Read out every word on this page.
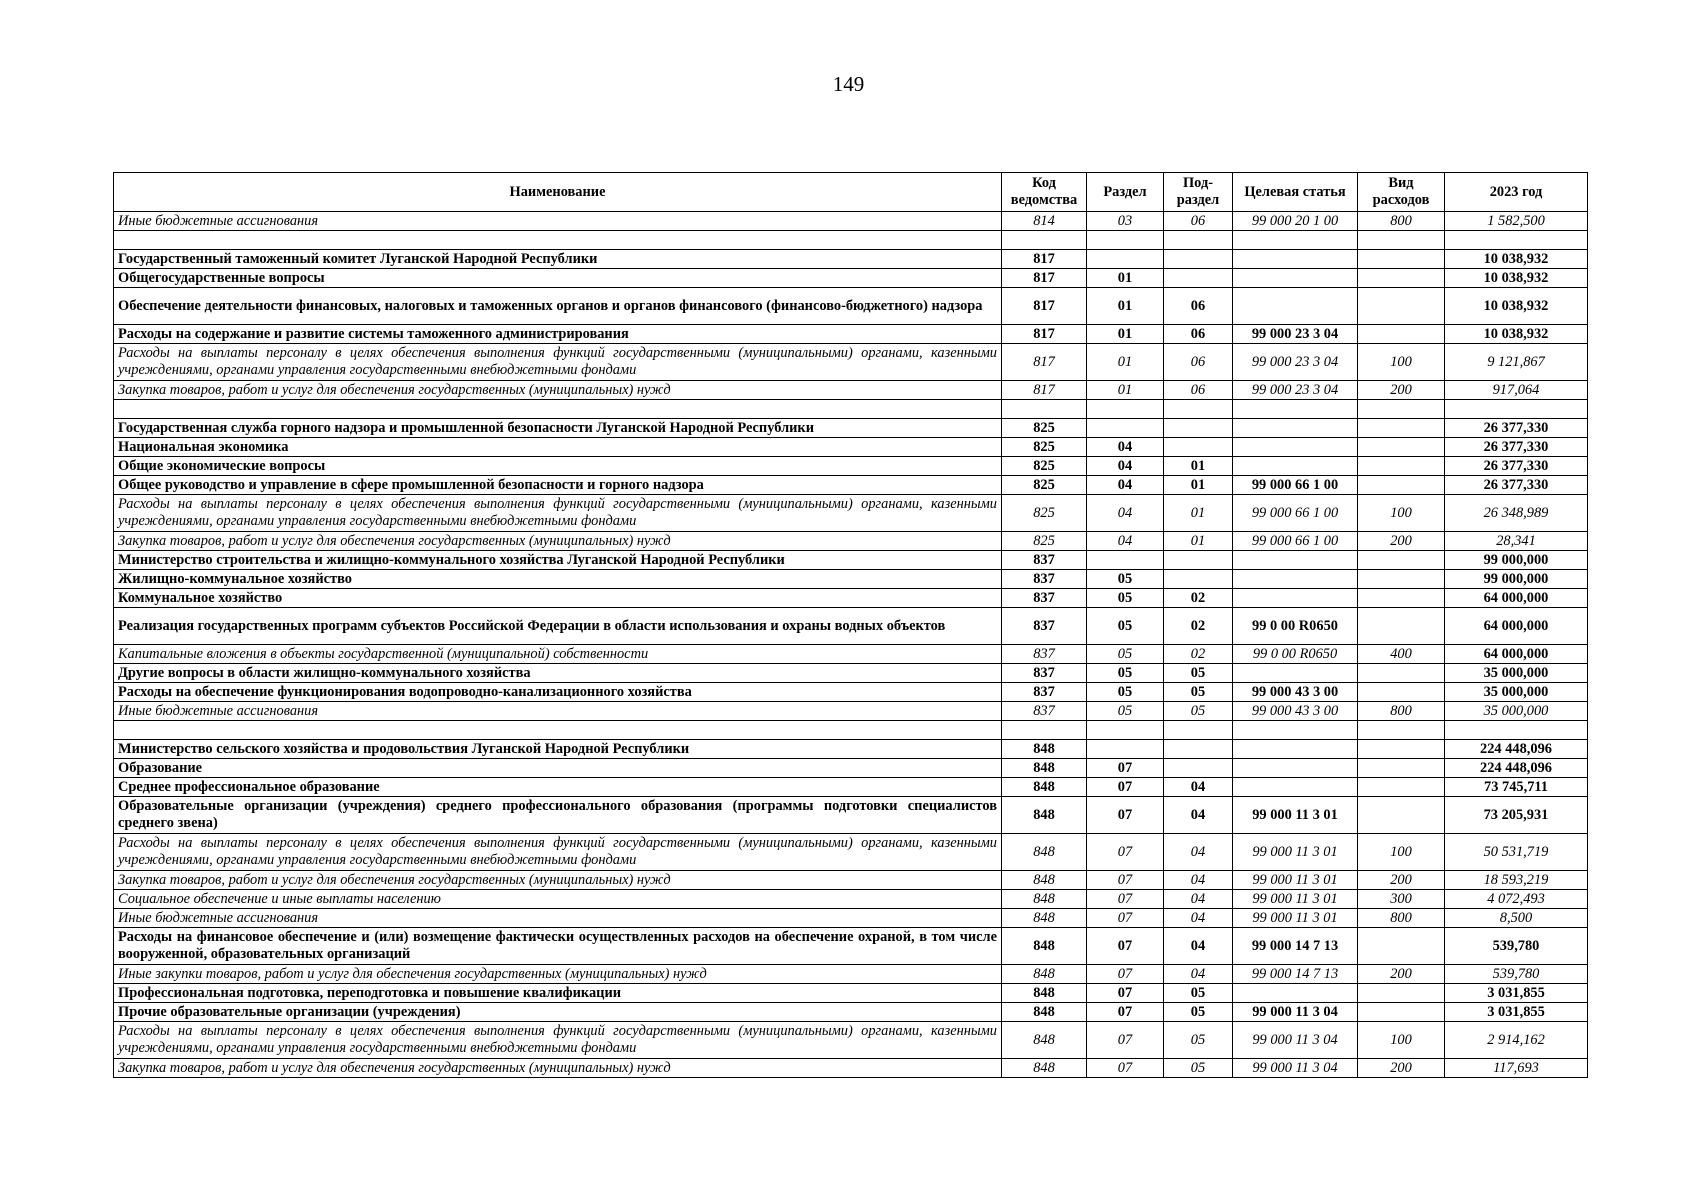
149
Наименование	Код ведомства	Раздел	Под- раздел	Целевая статья	Вид расходов	2023 год
Иные бюджетные ассигнования	814	03	06	99 000 20 1 00	800	1 582,500

Государственный таможенный комитет Луганской Народной Республики	817					10 038,932
Общегосударственные вопросы	817	01				10 038,932
Обеспечение деятельности финансовых, налоговых и таможенных органов и органов финансового (финансово-бюджетного) надзора	817	01	06			10 038,932
Расходы на содержание и развитие системы таможенного администрирования	817	01	06	99 000 23 3 04		10 038,932
Расходы на выплаты персоналу в целях обеспечения выполнения функций государственными (муниципальными) органами, казенными учреждениями, органами управления государственными внебюджетными фондами	817	01	06	99 000 23 3 04	100	9 121,867
Закупка товаров, работ и услуг для обеспечения государственных (муниципальных) нужд	817	01	06	99 000 23 3 04	200	917,064

Государственная служба горного надзора и промышленной безопасности Луганской Народной Республики	825					26 377,330
Национальная экономика	825	04				26 377,330
Общие экономические вопросы	825	04	01			26 377,330
Общее руководство и управление в сфере промышленной безопасности и горного надзора	825	04	01	99 000 66 1 00		26 377,330
Расходы на выплаты персоналу в целях обеспечения выполнения функций государственными (муниципальными) органами, казенными учреждениями, органами управления государственными внебюджетными фондами	825	04	01	99 000 66 1 00	100	26 348,989
Закупка товаров, работ и услуг для обеспечения государственных (муниципальных) нужд	825	04	01	99 000 66 1 00	200	28,341
Министерство строительства и жилищно-коммунального хозяйства Луганской Народной Республики	837					99 000,000
Жилищно-коммунальное хозяйство	837	05				99 000,000
Коммунальное хозяйство	837	05	02			64 000,000
Реализация государственных программ субъектов Российской Федерации в области использования и охраны водных объектов	837	05	02	99 0 00 R0650		64 000,000
Капитальные вложения в объекты государственной (муниципальной) собственности	837	05	02	99 0 00 R0650	400	64 000,000
Другие вопросы в области жилищно-коммунального хозяйства	837	05	05			35 000,000
Расходы на обеспечение функционирования водопроводно-канализационного хозяйства	837	05	05	99 000 43 3 00		35 000,000
Иные бюджетные ассигнования	837	05	05	99 000 43 3 00	800	35 000,000

Министерство сельского хозяйства и продовольствия Луганской Народной Республики	848					224 448,096
Образование	848	07				224 448,096
Среднее профессиональное образование	848	07	04			73 745,711
Образовательные организации (учреждения) среднего профессионального образования (программы подготовки специалистов среднего звена)	848	07	04	99 000 11 3 01		73 205,931
Расходы на выплаты персоналу в целях обеспечения выполнения функций государственными (муниципальными) органами, казенными учреждениями, органами управления государственными внебюджетными фондами	848	07	04	99 000 11 3 01	100	50 531,719
Закупка товаров, работ и услуг для обеспечения государственных (муниципальных) нужд	848	07	04	99 000 11 3 01	200	18 593,219
Социальное обеспечение и иные выплаты населению	848	07	04	99 000 11 3 01	300	4 072,493
Иные бюджетные ассигнования	848	07	04	99 000 11 3 01	800	8,500
Расходы на финансовое обеспечение и (или) возмещение фактически осуществленных расходов на обеспечение охраной, в том числе вооруженной, образовательных организаций	848	07	04	99 000 14 7 13		539,780
Иные закупки товаров, работ и услуг для обеспечения государственных (муниципальных) нужд	848	07	04	99 000 14 7 13	200	539,780
Профессиональная подготовка, переподготовка и повышение квалификации	848	07	05			3 031,855
Прочие образовательные организации (учреждения)	848	07	05	99 000 11 3 04		3 031,855
Расходы на выплаты персоналу в целях обеспечения выполнения функций государственными (муниципальными) органами, казенными учреждениями, органами управления государственными внебюджетными фондами	848	07	05	99 000 11 3 04	100	2 914,162
Закупка товаров, работ и услуг для обеспечения государственных (муниципальных) нужд	848	07	05	99 000 11 3 04	200	117,693
